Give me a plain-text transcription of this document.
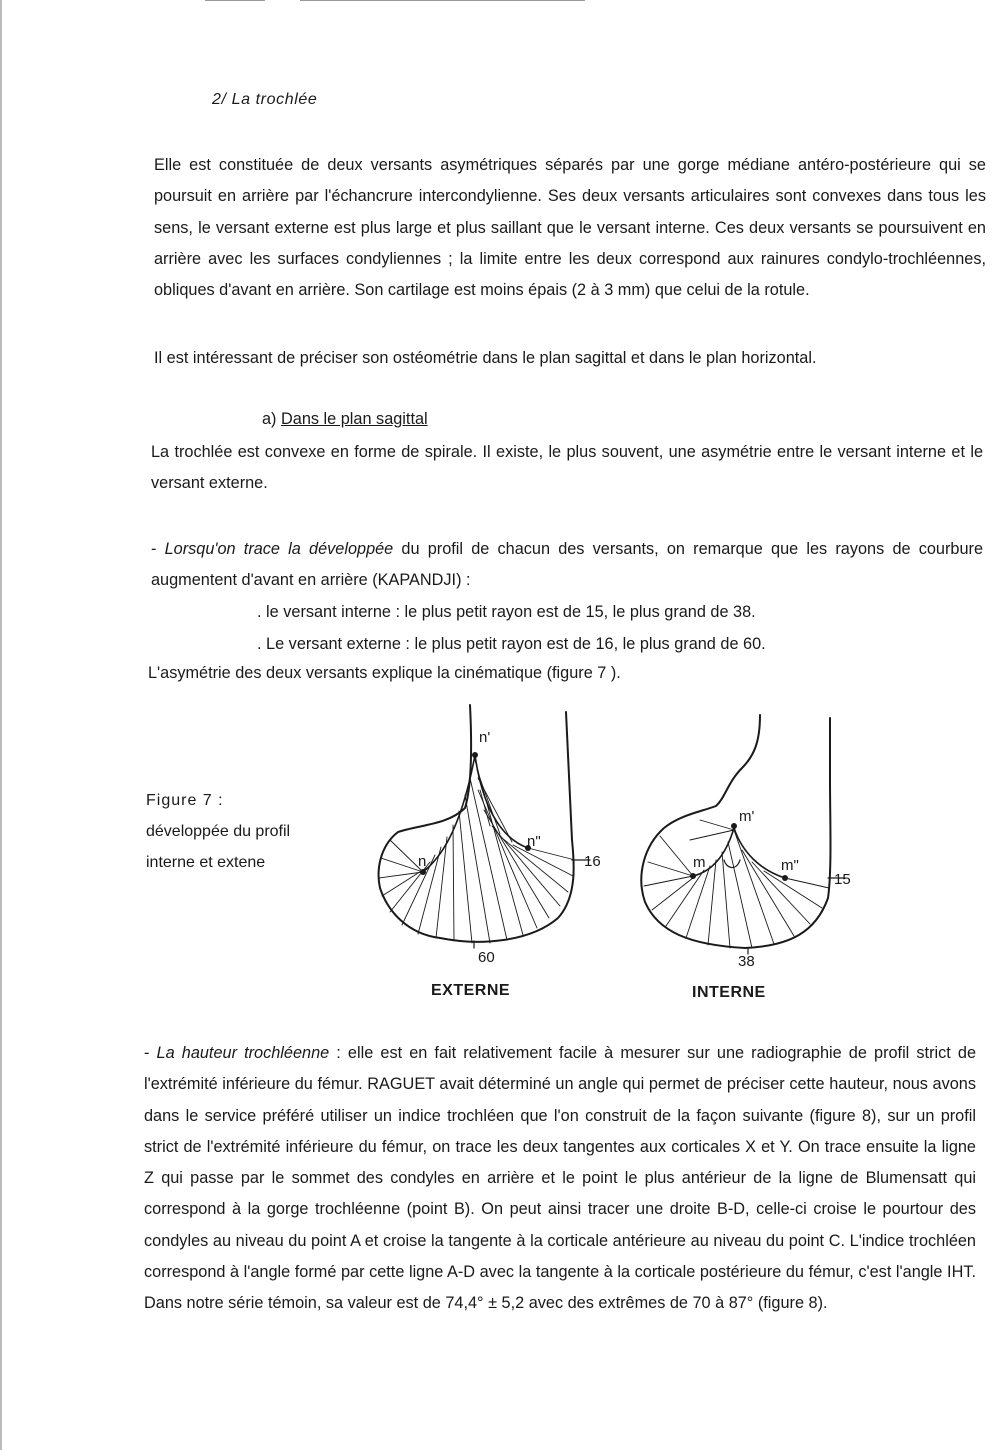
2/ La trochlée
Elle est constituée de deux versants asymétriques séparés par une gorge médiane antéro-postérieure qui se poursuit en arrière par l'échancrure intercondylienne. Ses deux versants articulaires sont convexes dans tous les sens, le versant externe est plus large et plus saillant que le versant interne. Ces deux versants se poursuivent en arrière avec les surfaces condyliennes ; la limite entre les deux correspond aux rainures condylo-trochléennes, obliques d'avant en arrière. Son cartilage est moins épais (2 à 3 mm) que celui de la rotule.
Il est intéressant de préciser son ostéométrie dans le plan sagittal et dans le plan horizontal.
a) Dans le plan sagittal
La trochlée est convexe en forme de spirale. Il existe, le plus souvent, une asymétrie entre le versant interne et le versant externe.
- Lorsqu'on trace la développée du profil de chacun des versants, on remarque que les rayons de courbure augmentent d'avant en arrière (KAPANDJI) :
. le versant interne : le plus petit rayon est de 15, le plus grand de 38.
. Le versant externe : le plus petit rayon est de 16, le plus grand de 60.
L'asymétrie des deux versants explique la cinématique (figure 7 ).
Figure 7 :
développée du profil
interne et extene
n'
n
n"
16
60
m'
m	m"
15
38
EXTERNE	INTERNE
- La hauteur trochléenne : elle est en fait relativement facile à mesurer sur une radiographie de profil strict de l'extrémité inférieure du fémur. RAGUET avait déterminé un angle qui permet de préciser cette hauteur, nous avons dans le service préféré utiliser un indice trochléen que l'on construit de la façon suivante (figure 8), sur un profil strict de l'extrémité inférieure du fémur, on trace les deux tangentes aux corticales X et Y. On trace ensuite la ligne Z qui passe par le sommet des condyles en arrière et le point le plus antérieur de la ligne de Blumensatt qui correspond à la gorge trochléenne (point B). On peut ainsi tracer une droite B-D, celle-ci croise le pourtour des condyles au niveau du point A et croise la tangente à la corticale antérieure au niveau du point C. L'indice trochléen correspond à l'angle formé par cette ligne A-D avec la tangente à la corticale postérieure du fémur, c'est l'angle IHT. Dans notre série témoin, sa valeur est de 74,4° ± 5,2 avec des extrêmes de 70 à 87° (figure 8).
